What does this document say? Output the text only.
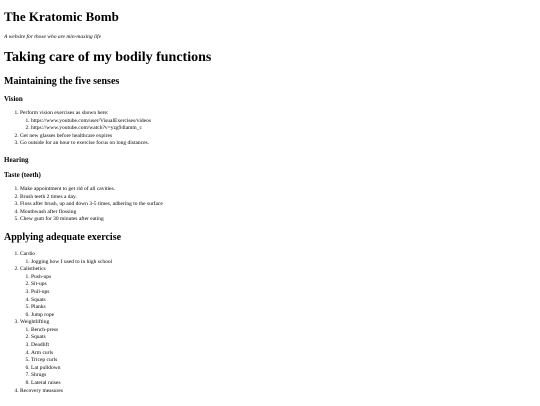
The Kratomic Bomb
A website for those who are min-maxing life
Taking care of my bodily functions
Maintaining the five senses
Vision
1. Perform vision exercises as shown here:
1. https://www.youtube.com/user/VisualExercises/videos
2. https://www.youtube.com/watch?v=yzg94lamm_c
2. Get new glasses before healthcare expires
3. Go outside for an hour to exercise focus on long distances.
Hearing
Taste (teeth)
1. Make appointment to get rid of all cavities.
2. Brush teeth 2 times a day.
3. Floss after brush, up and down 3-5 times, adhering to the surface
4. Mouthwash after flossing
5. Chew gum for 30 minutes after eating
Applying adequate exercise
1. Cardio
1. Jogging how I used to in high school
2. Calisthetics
1. Push-ups
2. Sit-ups
3. Pull-ups
4. Squats
5. Planks
6. Jump rope
3. Weightlifting
1. Bench-press
2. Squats
3. Deadlift
4. Arm curls
5. Tricep curls
6. Lat pulldown
7. Shrugs
8. Lateral raises
4. Recovery measures
